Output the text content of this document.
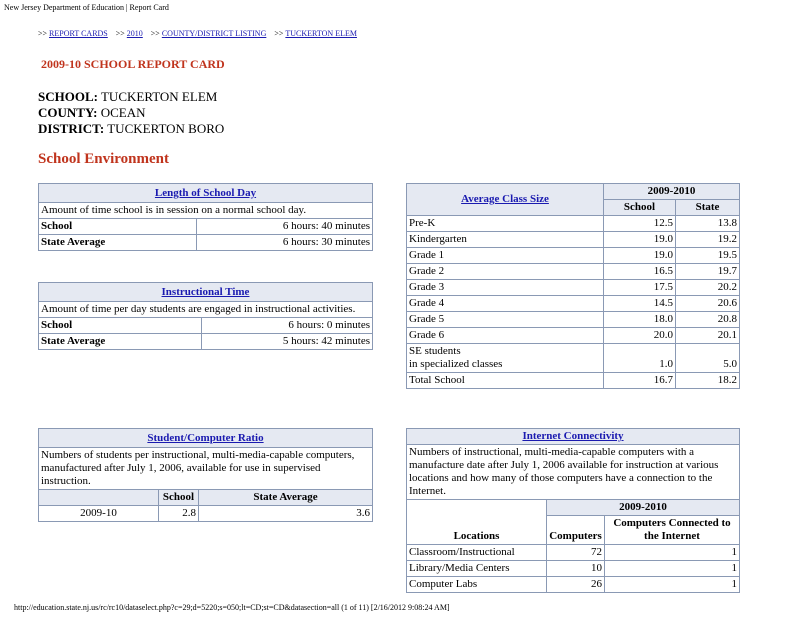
New Jersey Department of Education | Report Card
>> REPORT CARDS >> 2010 >> COUNTY/DISTRICT LISTING >> TUCKERTON ELEM
2009-10 SCHOOL REPORT CARD
SCHOOL: TUCKERTON ELEM
COUNTY: OCEAN
DISTRICT: TUCKERTON BORO
School Environment
Length of School Day	
Amount of time school is in session on a normal school day.	
School	6 hours: 40 minutes
State Average	6 hours: 30 minutes
Instructional Time	
Amount of time per day students are engaged in instructional activities.	
School	6 hours: 0 minutes
State Average	5 hours: 42 minutes
Student/Computer Ratio		
Numbers of students per instructional, multi-media-capable computers, manufactured after July 1, 2006, available for use in supervised instruction.		
	School	State Average
2009-10	2.8	3.6
Average Class Size	2009-2010	
	School	State
Pre-K	12.5	13.8
Kindergarten	19.0	19.2
Grade 1	19.0	19.5
Grade 2	16.5	19.7
Grade 3	17.5	20.2
Grade 4	14.5	20.6
Grade 5	18.0	20.8
Grade 6	20.0	20.1
SE students
in specialized classes	1.0	5.0
Total School	16.7	18.2
Internet Connectivity		
Numbers of instructional, multi-media-capable computers with a manufacture date after July 1, 2006 available for instruction at various locations and how many of those computers have a connection to the Internet.		
Locations	2009-2010	
	Computers	Computers Connected to the Internet
Classroom/Instructional	72	1
Library/Media Centers	10	1
Computer Labs	26	1
http://education.state.nj.us/rc/rc10/dataselect.php?c=29;d=5220;s=050;lt=CD;st=CD&datasection=all (1 of 11) [2/16/2012 9:08:24 AM]
